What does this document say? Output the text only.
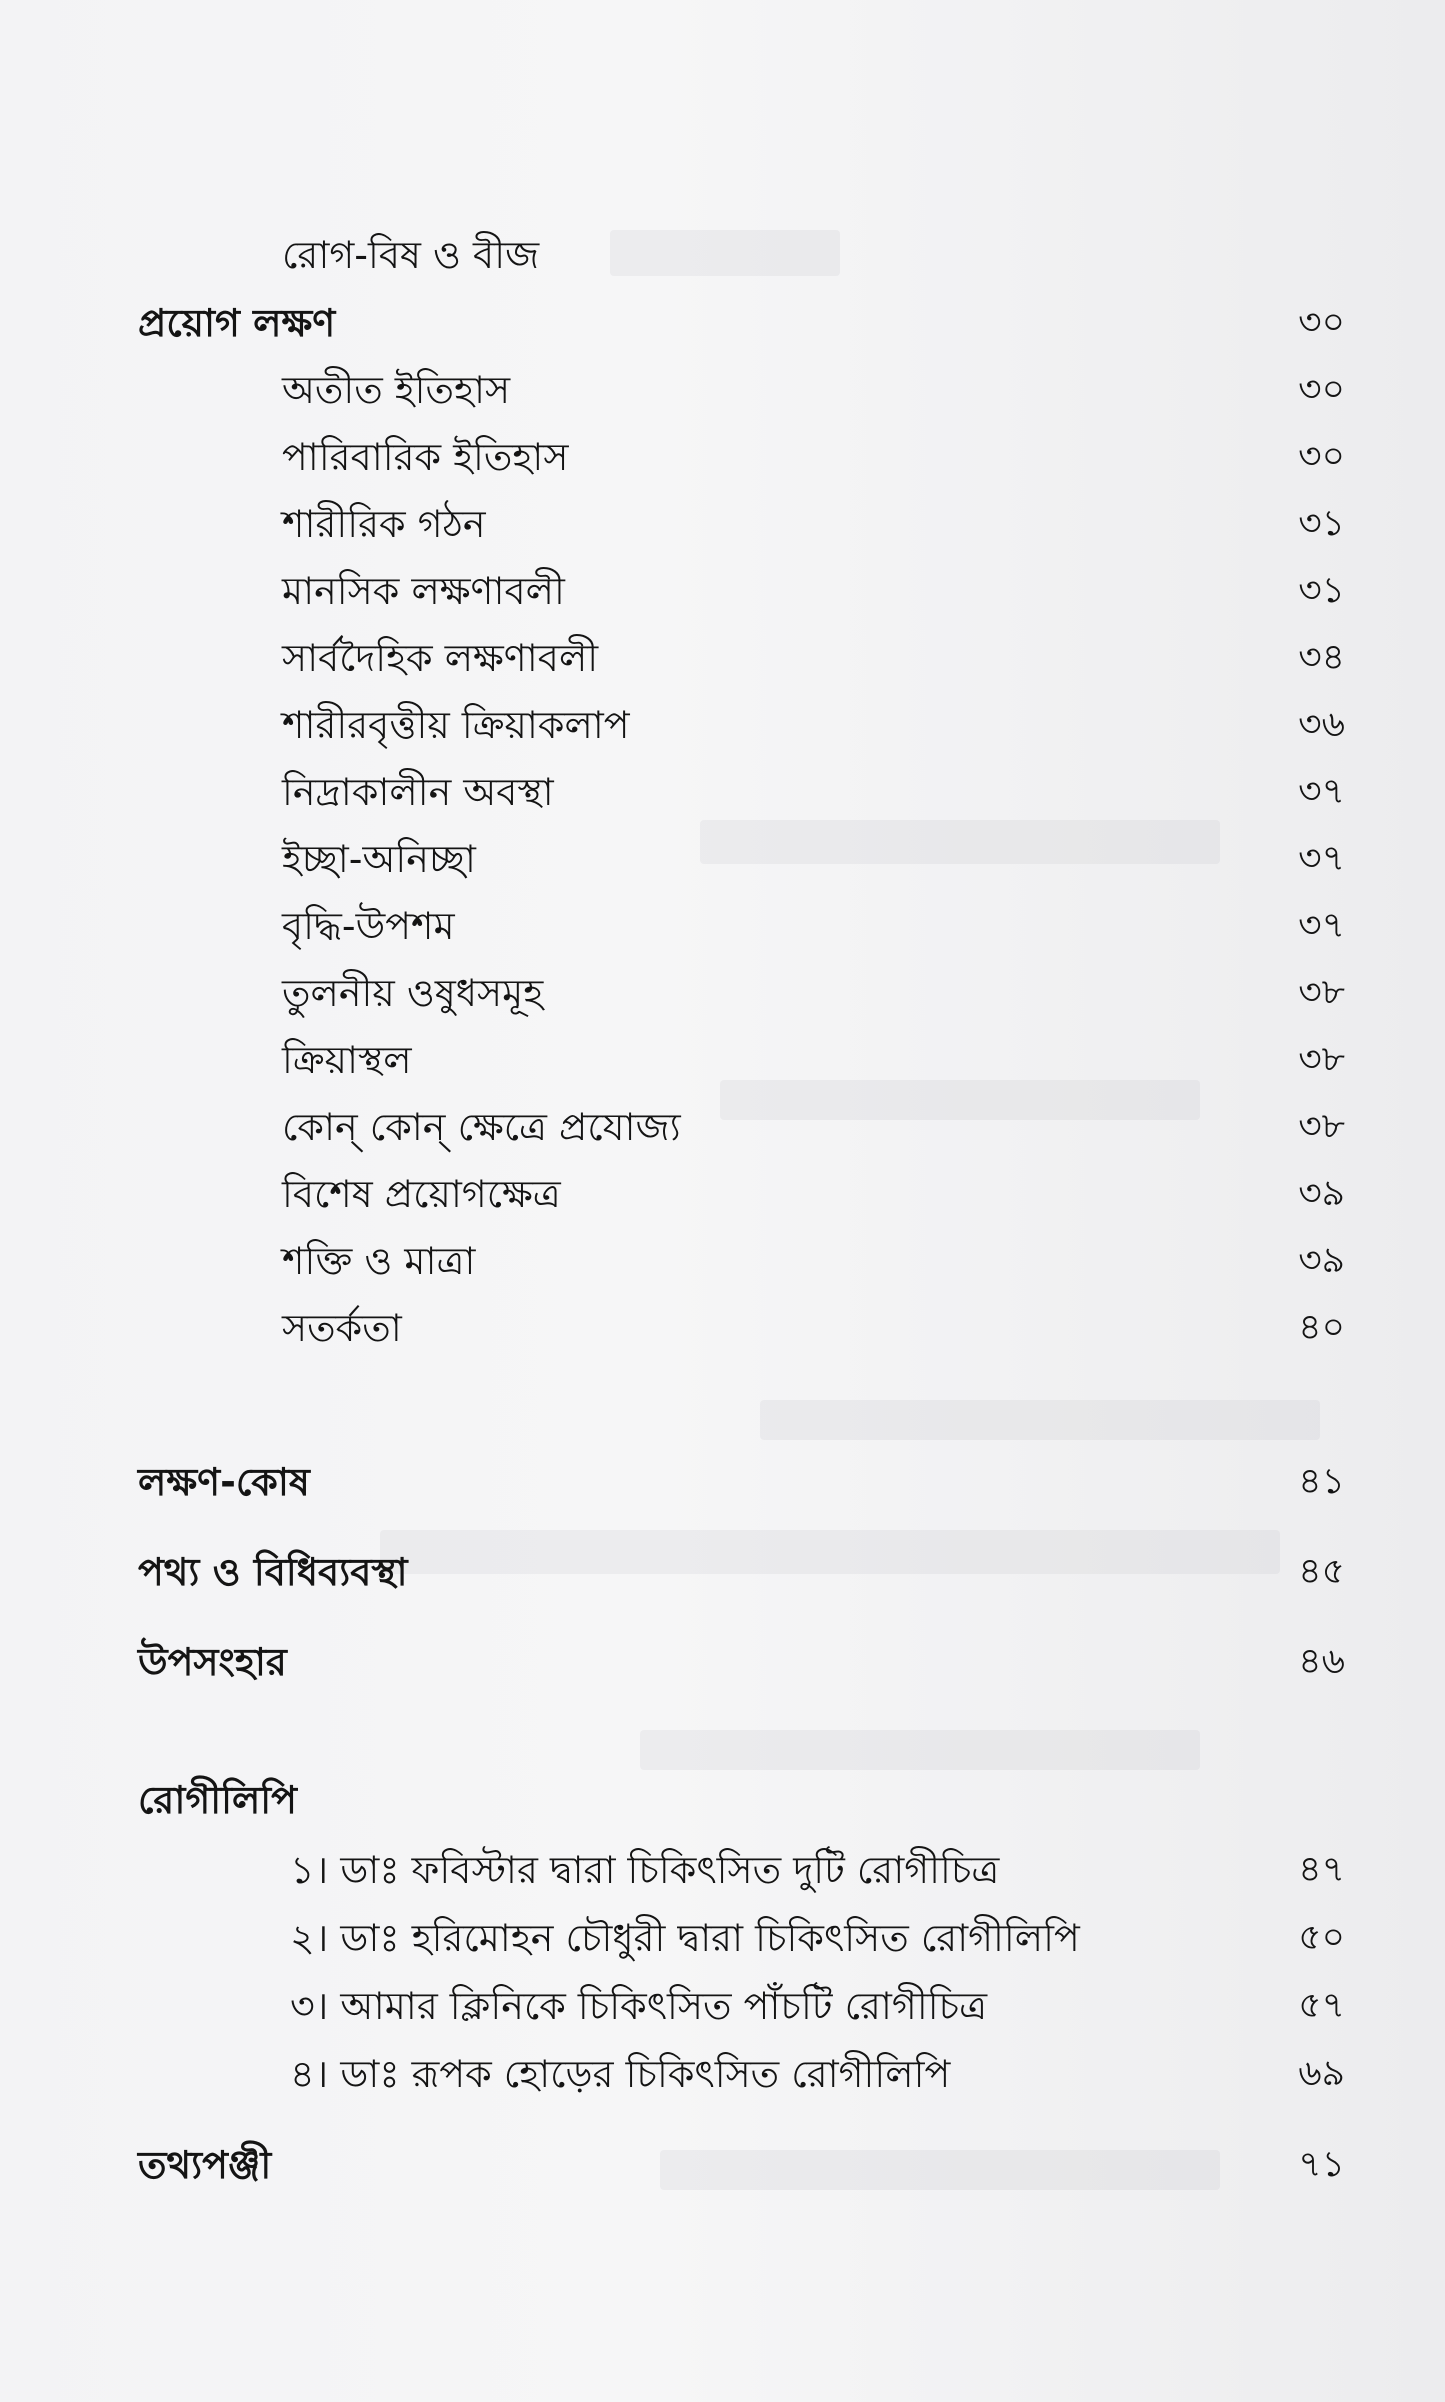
রোগ-বিষ ও বীজ
প্রয়োগ লক্ষণ	৩০
অতীত ইতিহাস	৩০
পারিবারিক ইতিহাস	৩০
শারীরিক গঠন	৩১
মানসিক লক্ষণাবলী	৩১
সার্বদৈহিক লক্ষণাবলী	৩৪
শারীরবৃত্তীয় ক্রিয়াকলাপ	৩৬
নিদ্রাকালীন অবস্থা	৩৭
ইচ্ছা-অনিচ্ছা	৩৭
বৃদ্ধি-উপশম	৩৭
তুলনীয় ওষুধসমূহ	৩৮
ক্রিয়াস্থল	৩৮
কোন্ কোন্ ক্ষেত্রে প্রযোজ্য	৩৮
বিশেষ প্রয়োগক্ষেত্র	৩৯
শক্তি ও মাত্রা	৩৯
সতর্কতা	৪০
লক্ষণ-কোষ	৪১
পথ্য ও বিধিব্যবস্থা	৪৫
উপসংহার	৪৬
রোগীলিপি
১। ডাঃ ফবিস্টার দ্বারা চিকিৎসিত দুটি রোগীচিত্র	৪৭
২। ডাঃ হরিমোহন চৌধুরী দ্বারা চিকিৎসিত রোগীলিপি	৫০
৩। আমার ক্লিনিকে চিকিৎসিত পাঁচটি রোগীচিত্র	৫৭
৪। ডাঃ রূপক হোড়ের চিকিৎসিত রোগীলিপি	৬৯
তথ্যপঞ্জী	৭১
